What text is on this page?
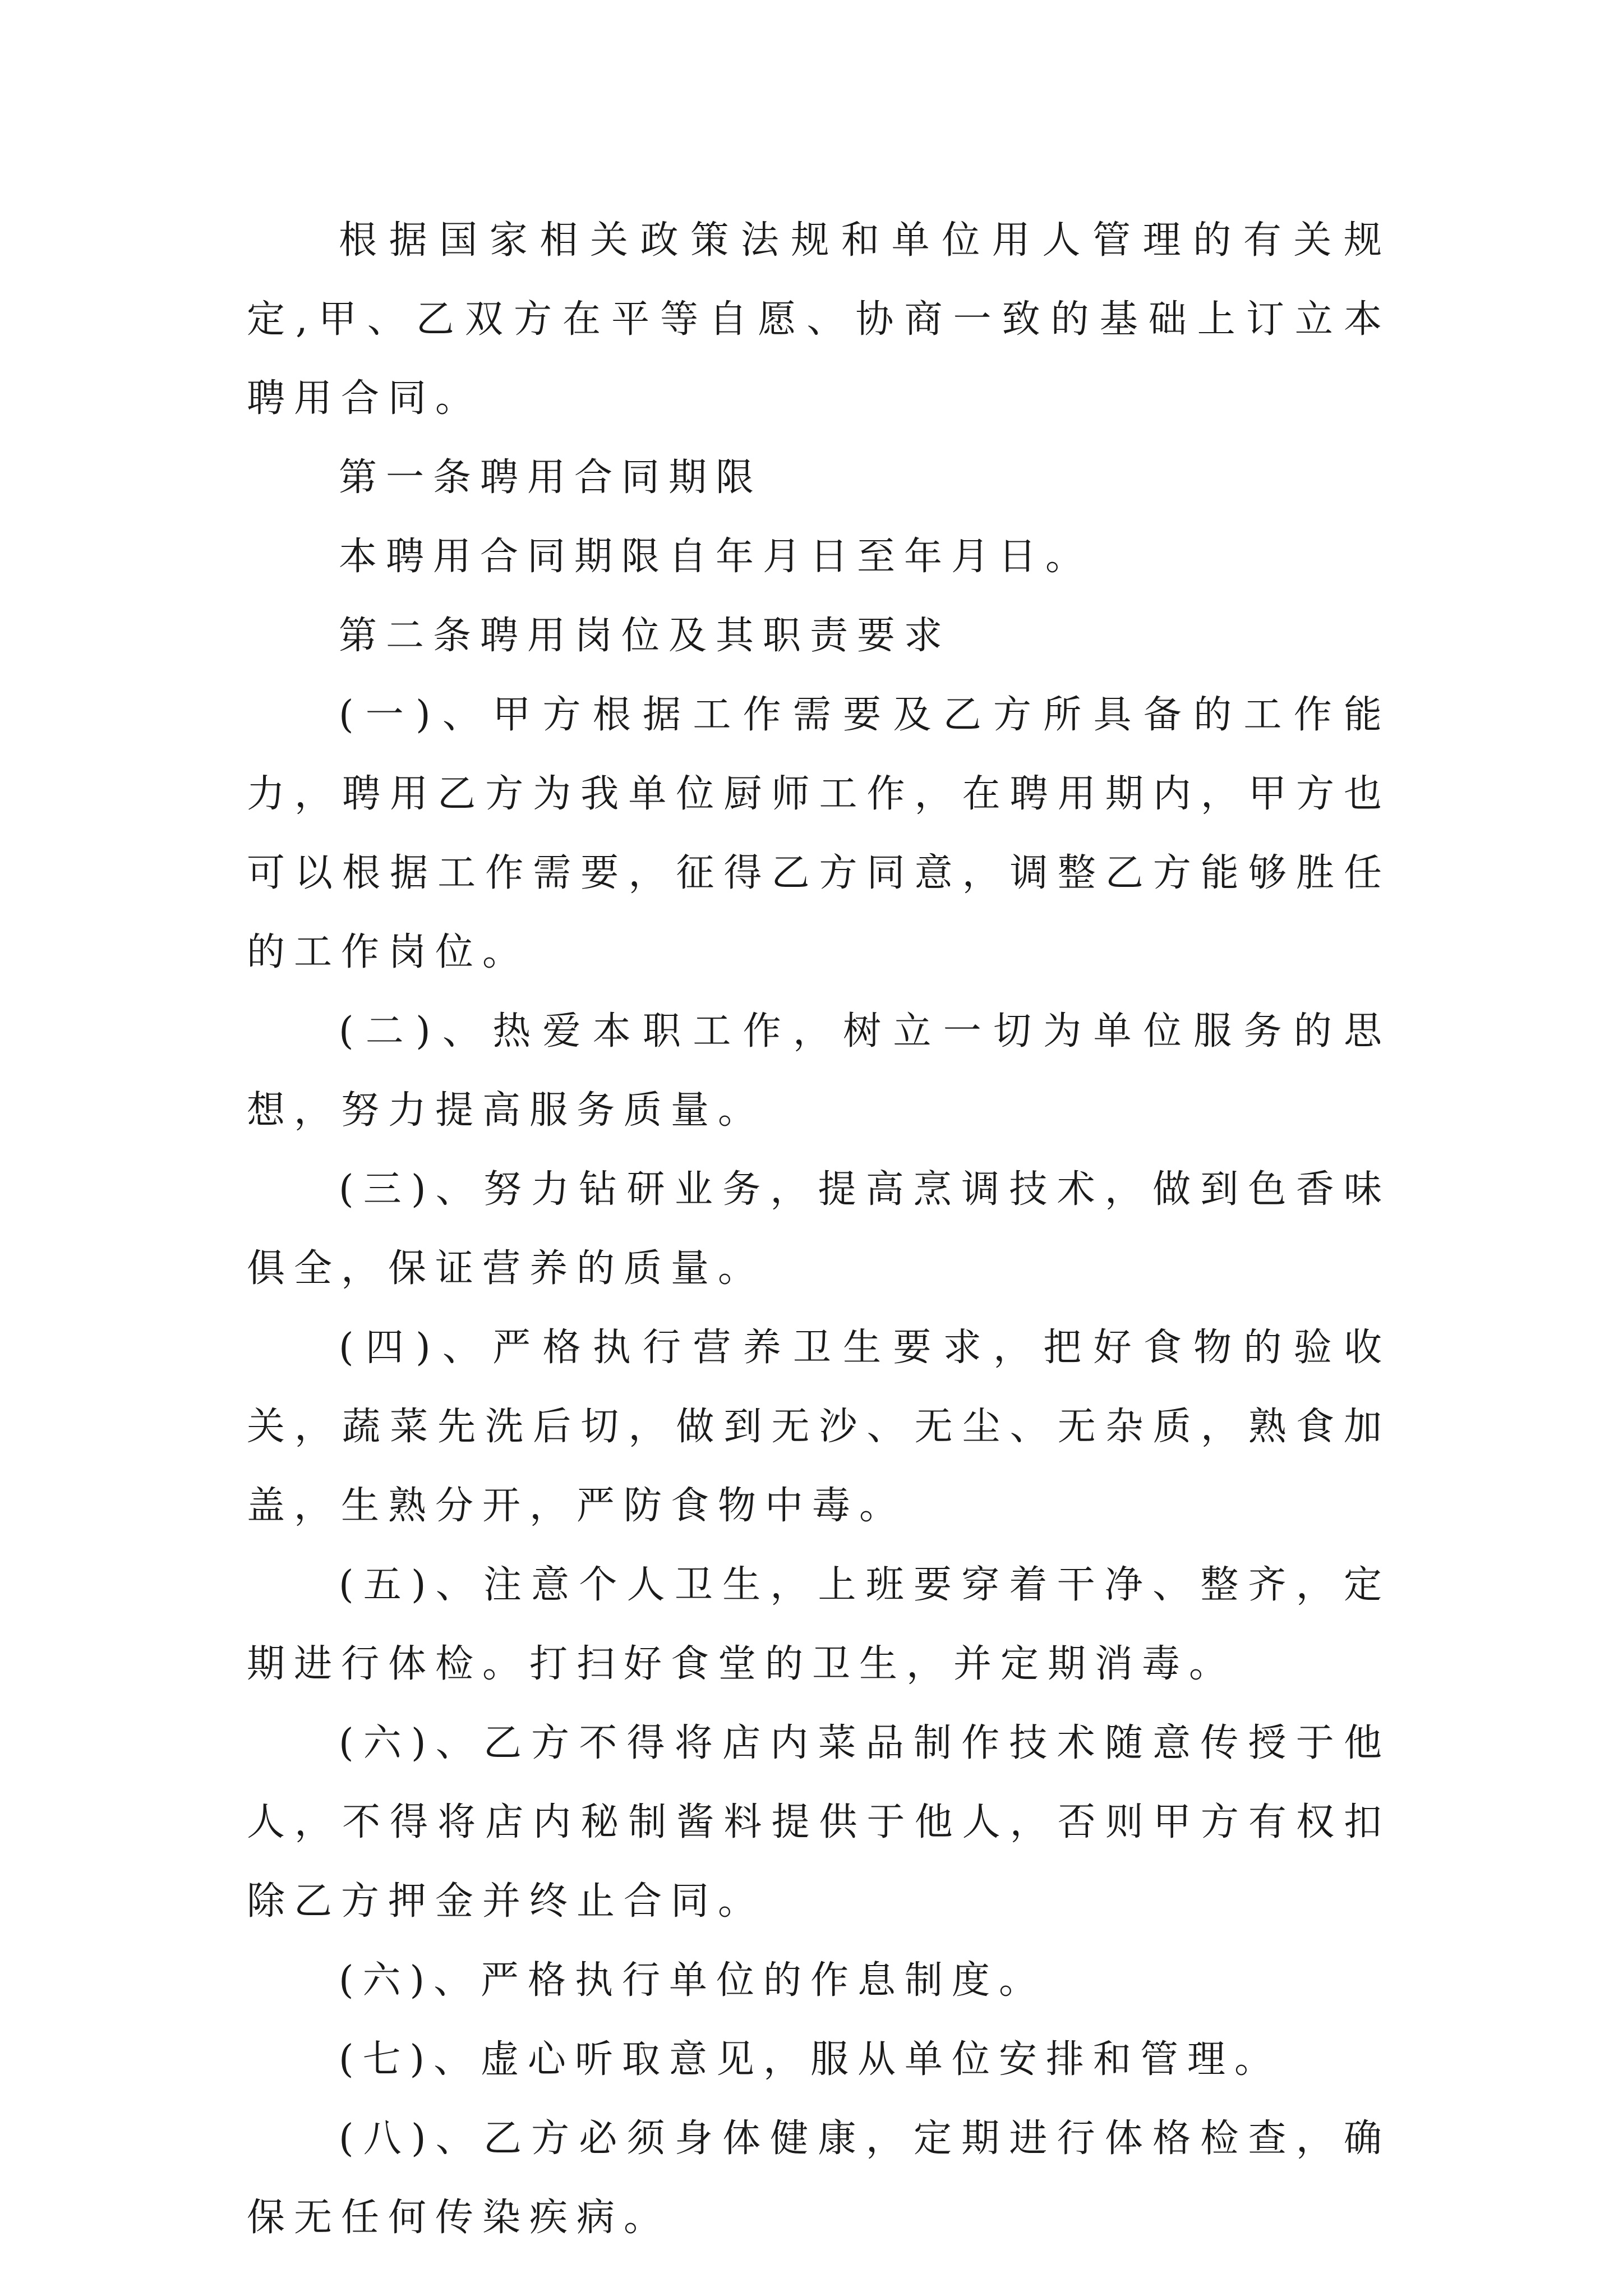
根据国家相关政策法规和单位用人管理的有关规定,甲、乙双方在平等自愿、协商一致的基础上订立本聘用合同。

第一条聘用合同期限

本聘用合同期限自年月日至年月日。

第二条聘用岗位及其职责要求

(一)、甲方根据工作需要及乙方所具备的工作能力，聘用乙方为我单位厨师工作，在聘用期内，甲方也可以根据工作需要，征得乙方同意，调整乙方能够胜任的工作岗位。

(二)、热爱本职工作，树立一切为单位服务的思想，努力提高服务质量。

(三)、努力钻研业务，提高烹调技术，做到色香味俱全，保证营养的质量。

(四)、严格执行营养卫生要求，把好食物的验收关，蔬菜先洗后切，做到无沙、无尘、无杂质，熟食加盖，生熟分开，严防食物中毒。

(五)、注意个人卫生，上班要穿着干净、整齐，定期进行体检。打扫好食堂的卫生，并定期消毒。

(六)、乙方不得将店内菜品制作技术随意传授于他人，不得将店内秘制酱料提供于他人，否则甲方有权扣除乙方押金并终止合同。

(六)、严格执行单位的作息制度。

(七)、虚心听取意见，服从单位安排和管理。

(八)、乙方必须身体健康，定期进行体格检查，确保无任何传染疾病。
